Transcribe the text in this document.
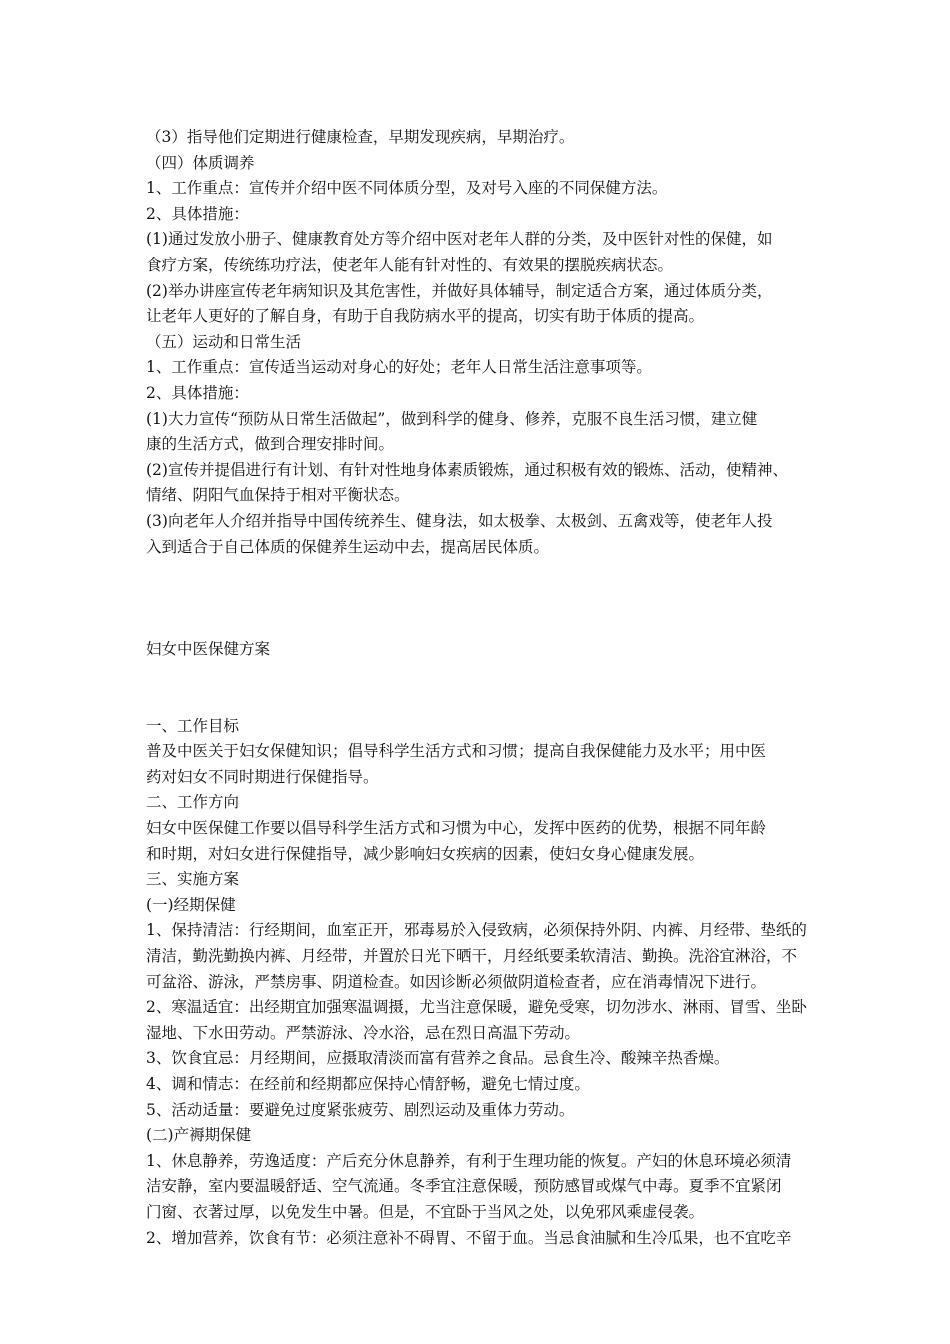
（3）指导他们定期进行健康检查，早期发现疾病，早期治疗。
（四）体质调养
1、工作重点：宣传并介绍中医不同体质分型，及对号入座的不同保健方法。
2、具体措施：
(1)通过发放小册子、健康教育处方等介绍中医对老年人群的分类，及中医针对性的保健，如
食疗方案，传统练功疗法，使老年人能有针对性的、有效果的摆脱疾病状态。
(2)举办讲座宣传老年病知识及其危害性，并做好具体辅导，制定适合方案，通过体质分类，
让老年人更好的了解自身，有助于自我防病水平的提高，切实有助于体质的提高。
（五）运动和日常生活
1、工作重点：宣传适当运动对身心的好处；老年人日常生活注意事项等。
2、具体措施：
(1)大力宣传“预防从日常生活做起”，做到科学的健身、修养，克服不良生活习惯，建立健
康的生活方式，做到合理安排时间。
(2)宣传并提倡进行有计划、有针对性地身体素质锻炼，通过积极有效的锻炼、活动，使精神、
情绪、阴阳气血保持于相对平衡状态。
(3)向老年人介绍并指导中国传统养生、健身法，如太极拳、太极剑、五禽戏等，使老年人投
入到适合于自己体质的保健养生运动中去，提高居民体质。
妇女中医保健方案
一、工作目标
普及中医关于妇女保健知识；倡导科学生活方式和习惯；提高自我保健能力及水平；用中医
药对妇女不同时期进行保健指导。
二、工作方向
妇女中医保健工作要以倡导科学生活方式和习惯为中心，发挥中医药的优势，根据不同年龄
和时期，对妇女进行保健指导，减少影响妇女疾病的因素，使妇女身心健康发展。
三、实施方案
(一)经期保健
1、保持清洁：行经期间，血室正开，邪毒易於入侵致病，必须保持外阴、内裤、月经带、垫纸的
清洁，勤洗勤换内裤、月经带，并置於日光下晒干，月经纸要柔软清洁、勤换。洗浴宜淋浴，不
可盆浴、游泳，严禁房事、阴道检查。如因诊断必须做阴道检查者，应在消毒情况下进行。
2、寒温适宜：出经期宜加强寒温调摄，尤当注意保暖，避免受寒，切勿涉水、淋雨、冒雪、坐卧
湿地、下水田劳动。严禁游泳、冷水浴，忌在烈日高温下劳动。
3、饮食宜忌：月经期间，应摄取清淡而富有营养之食品。忌食生冷、酸辣辛热香燥。
4、调和情志：在经前和经期都应保持心情舒畅，避免七情过度。
5、活动适量：要避免过度紧张疲劳、剧烈运动及重体力劳动。
(二)产褥期保健
1、休息静养，劳逸适度：产后充分休息静养，有利于生理功能的恢复。产妇的休息环境必须清
洁安静，室内要温暖舒适、空气流通。冬季宜注意保暖，预防感冒或煤气中毒。夏季不宜紧闭
门窗、衣著过厚，以免发生中暑。但是，不宜卧于当风之处，以免邪风乘虚侵袭。
2、增加营养，饮食有节：必须注意补不碍胃、不留于血。当忌食油腻和生冷瓜果，也不宜吃辛
